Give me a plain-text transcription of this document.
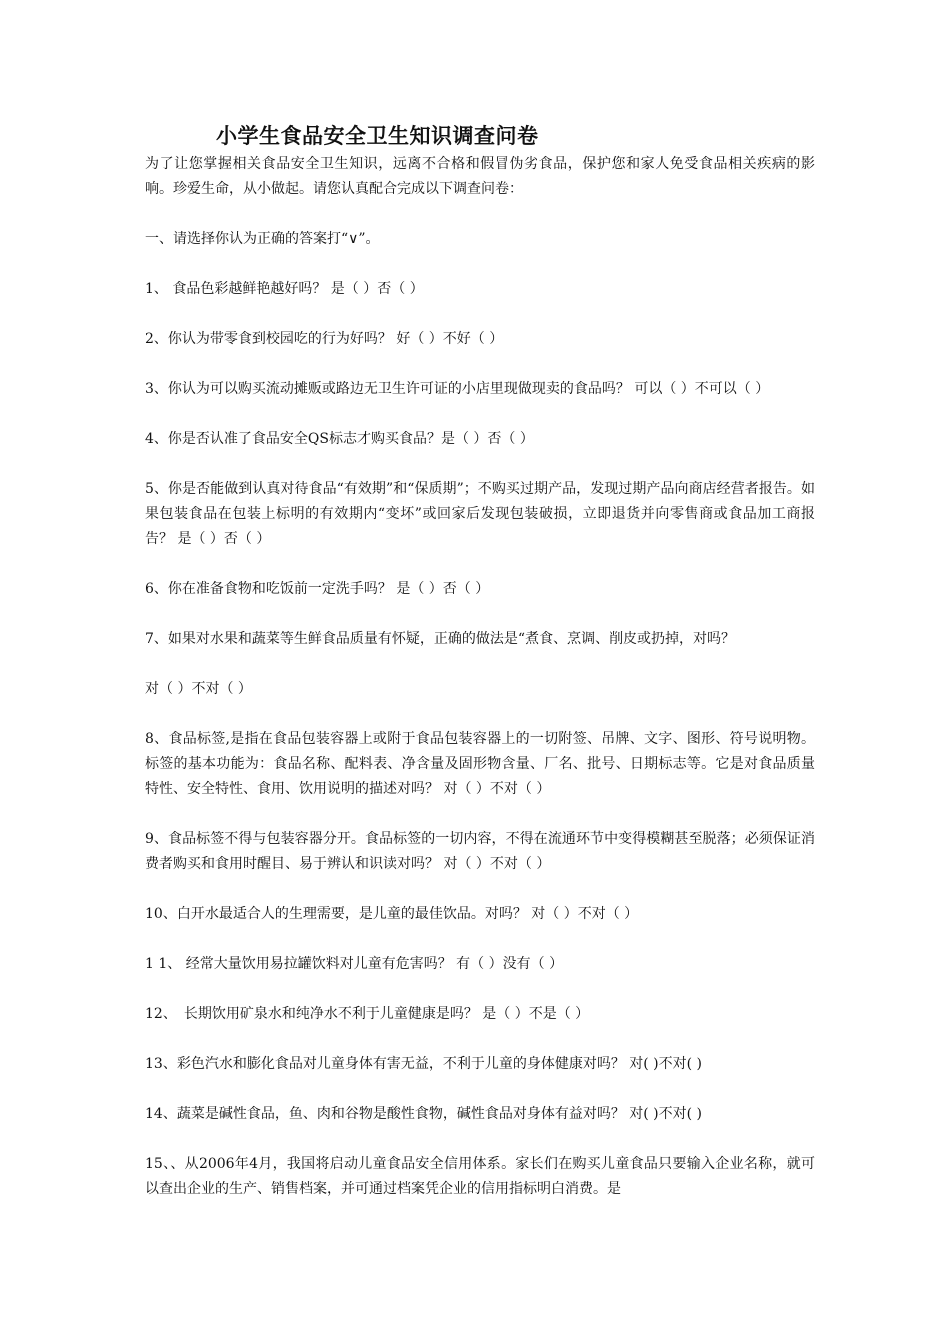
小学生食品安全卫生知识调查问卷

为了让您掌握相关食品安全卫生知识，远离不合格和假冒伪劣食品，保护您和家人免受食品相关疾病的影响。珍爱生命，从小做起。请您认真配合完成以下调查问卷：

一、请选择你认为正确的答案打“∨”。

1、 食品色彩越鲜艳越好吗？ 是（ ）否（ ）

2、你认为带零食到校园吃的行为好吗？ 好（ ）不好（ ）

3、你认为可以购买流动摊贩或路边无卫生许可证的小店里现做现卖的食品吗？ 可以（ ）不可以（ ）

4、你是否认准了食品安全QS标志才购买食品？是（ ）否（ ）

5、你是否能做到认真对待食品“有效期”和“保质期”；不购买过期产品，发现过期产品向商店经营者报告。如果包装食品在包装上标明的有效期内“变坏”或回家后发现包装破损，立即退货并向零售商或食品加工商报告？ 是（ ）否（ ）

6、你在准备食物和吃饭前一定洗手吗？ 是（ ）否（ ）

7、如果对水果和蔬菜等生鲜食品质量有怀疑，正确的做法是“煮食、烹调、削皮或扔掉，对吗？

对（ ）不对（ ）

8、食品标签,是指在食品包装容器上或附于食品包装容器上的一切附签、吊牌、文字、图形、符号说明物。标签的基本功能为：食品名称、配料表、净含量及固形物含量、厂名、批号、日期标志等。它是对食品质量特性、安全特性、食用、饮用说明的描述对吗？ 对（ ）不对（ ）

9、食品标签不得与包装容器分开。食品标签的一切内容，不得在流通环节中变得模糊甚至脱落；必须保证消费者购买和食用时醒目、易于辨认和识读对吗？ 对（ ）不对（ ）

10、白开水最适合人的生理需要，是儿童的最佳饮品。对吗？ 对（ ）不对（ ）

1 1、 经常大量饮用易拉罐饮料对儿童有危害吗？ 有（ ）没有（ ）

12、　长期饮用矿泉水和纯净水不利于儿童健康是吗？ 是（ ）不是（ ）

13、彩色汽水和膨化食品对儿童身体有害无益，不利于儿童的身体健康对吗？ 对( )不对( )

14、蔬菜是碱性食品，鱼、肉和谷物是酸性食物，碱性食品对身体有益对吗？ 对( )不对( )

15、、从2006年4月，我国将启动儿童食品安全信用体系。家长们在购买儿童食品只要输入企业名称，就可以查出企业的生产、销售档案，并可通过档案凭企业的信用指标明白消费。是
